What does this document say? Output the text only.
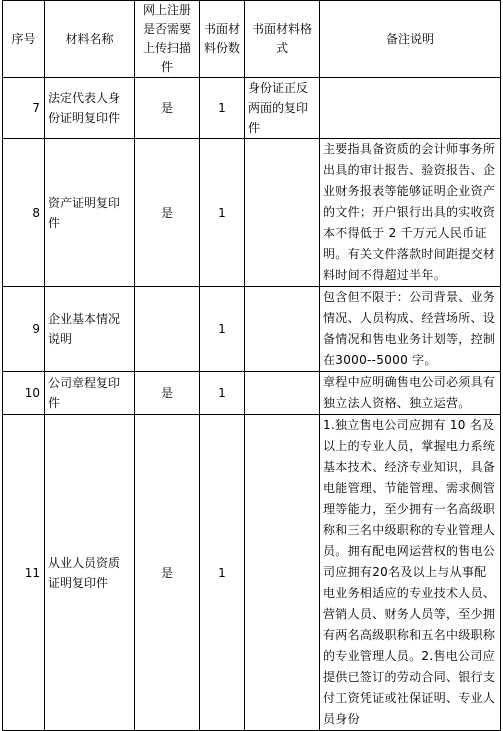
序号	材料名称	网上注册是否需要上传扫描件	书面材料份数	书面材料格式	备注说明
7	法定代表人身份证明复印件	是	1	身份证正反两面的复印件	
8	资产证明复印件	是	1		主要指具备资质的会计师事务所出具的审计报告、验资报告、企业财务报表等能够证明企业资产的文件；开户银行出具的实收资本不得低于 2 千万元人民币证明。有关文件落款时间距提交材料时间不得超过半年。
9	企业基本情况说明		1		包含但不限于：公司背景、业务情况、人员构成、经营场所、设备情况和售电业务计划等，控制在3000--5000 字。
10	公司章程复印件	是	1		章程中应明确售电公司必须具有独立法人资格、独立运营。
11	从业人员资质证明复印件	是	1		1.独立售电公司应拥有 10 名及以上的专业人员，掌握电力系统基本技术、经济专业知识，具备电能管理、节能管理、需求侧管理等能力，至少拥有一名高级职称和三名中级职称的专业管理人员。拥有配电网运营权的售电公司应拥有20名及以上与从事配电业务相适应的专业技术人员、营销人员、财务人员等，至少拥有两名高级职称和五名中级职称的专业管理人员。2.售电公司应提供已签订的劳动合同、银行支付工资凭证或社保证明、专业人员身份
